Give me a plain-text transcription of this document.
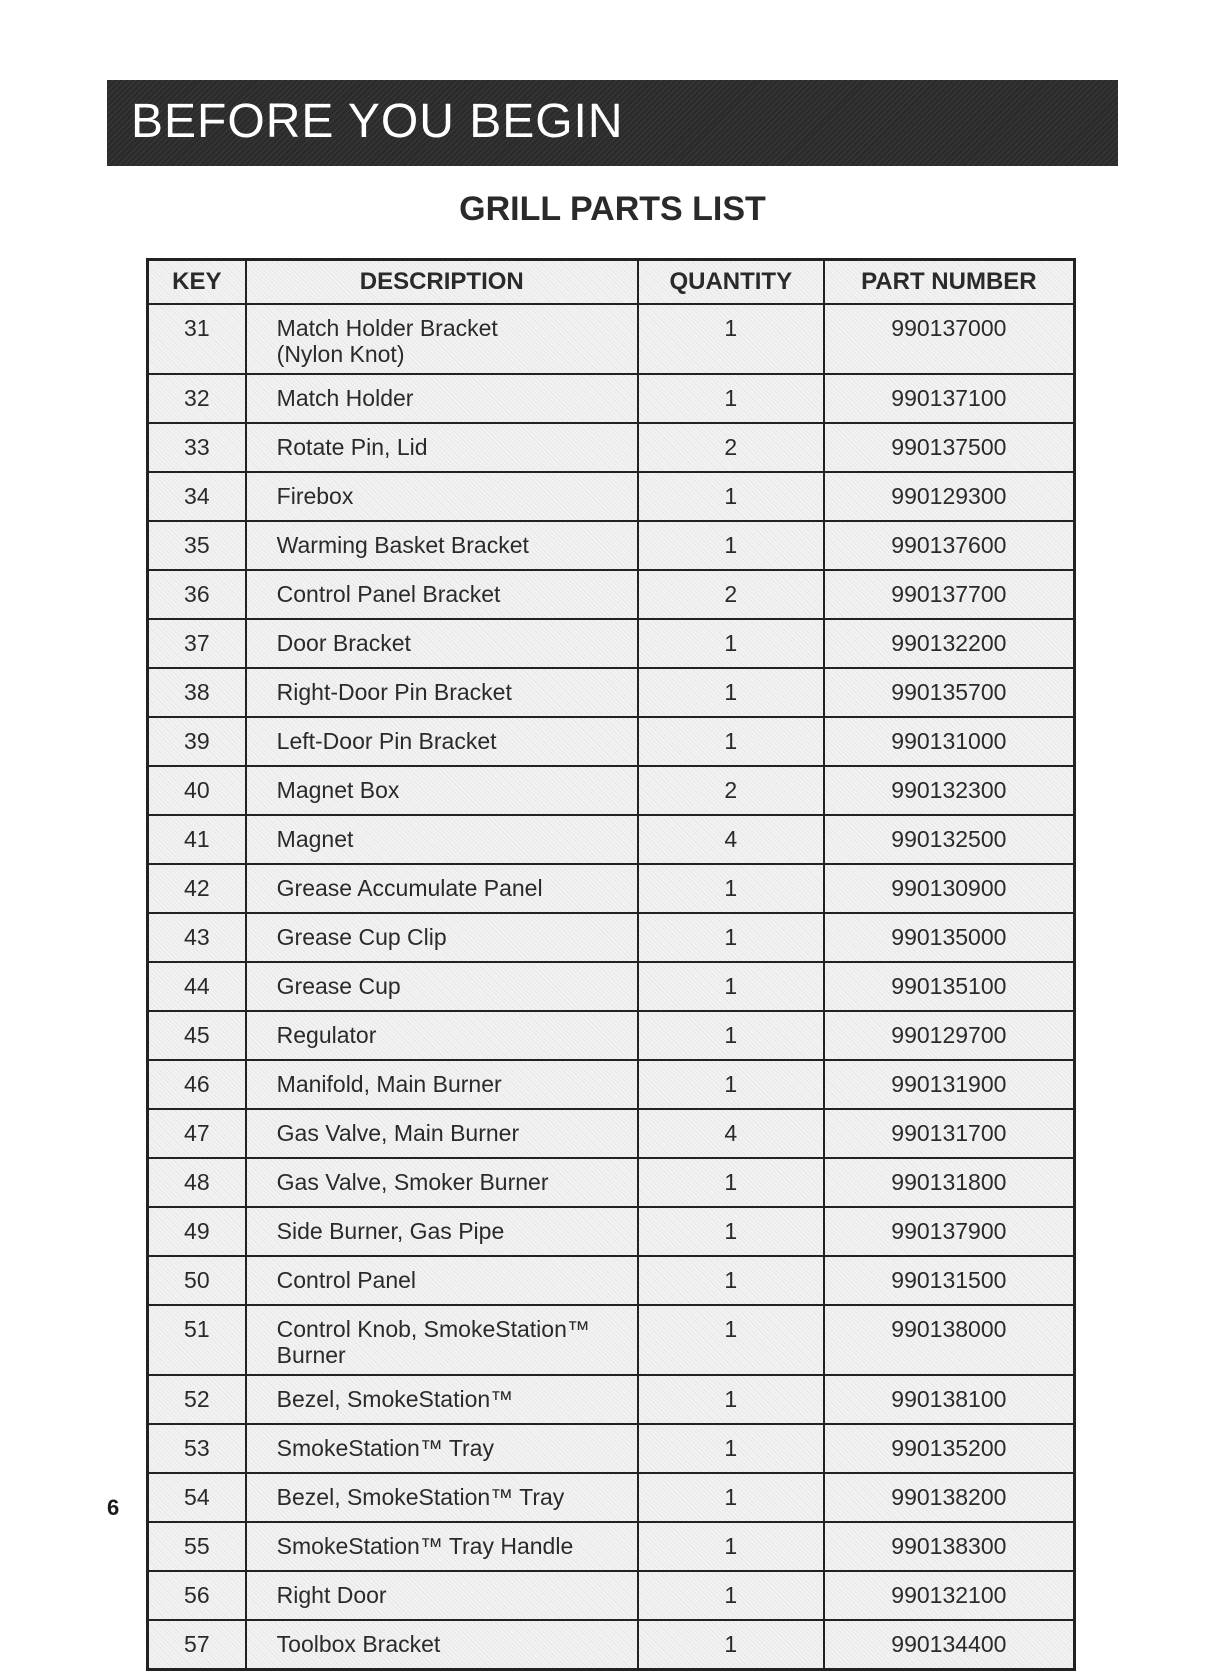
BEFORE YOU BEGIN
GRILL PARTS LIST
KEY	DESCRIPTION	QUANTITY	PART NUMBER
31	Match Holder Bracket
(Nylon Knot)	1	990137000
32	Match Holder	1	990137100
33	Rotate Pin, Lid	2	990137500
34	Firebox	1	990129300
35	Warming Basket Bracket	1	990137600
36	Control Panel Bracket	2	990137700
37	Door Bracket	1	990132200
38	Right-Door Pin Bracket	1	990135700
39	Left-Door Pin Bracket	1	990131000
40	Magnet Box	2	990132300
41	Magnet	4	990132500
42	Grease Accumulate Panel	1	990130900
43	Grease Cup Clip	1	990135000
44	Grease Cup	1	990135100
45	Regulator	1	990129700
46	Manifold, Main Burner	1	990131900
47	Gas Valve, Main Burner	4	990131700
48	Gas Valve, Smoker Burner	1	990131800
49	Side Burner, Gas Pipe	1	990137900
50	Control Panel	1	990131500
51	Control Knob, SmokeStation™
Burner	1	990138000
52	Bezel, SmokeStation™	1	990138100
53	SmokeStation™ Tray	1	990135200
54	Bezel, SmokeStation™ Tray	1	990138200
55	SmokeStation™ Tray Handle	1	990138300
56	Right Door	1	990132100
57	Toolbox Bracket	1	990134400
6
